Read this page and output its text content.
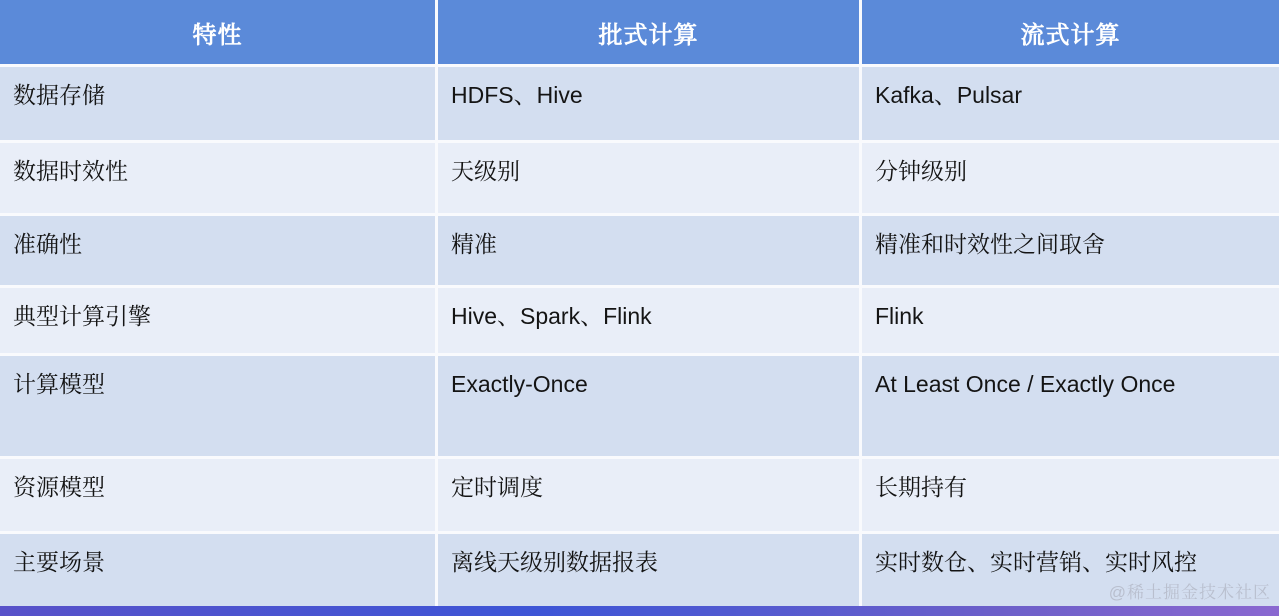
特性	批式计算	流式计算
数据存储	HDFS、Hive	Kafka、Pulsar
数据时效性	天级别	分钟级别
准确性	精准	精准和时效性之间取舍
典型计算引擎	Hive、Spark、Flink	Flink
计算模型	Exactly-Once	At Least Once / Exactly Once
资源模型	定时调度	长期持有
主要场景	离线天级别数据报表	实时数仓、实时营销、实时风控
@稀土掘金技术社区
